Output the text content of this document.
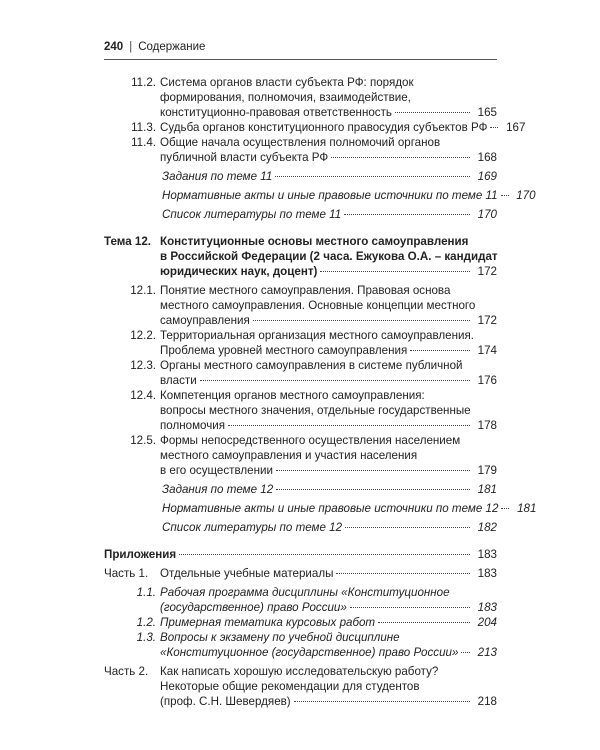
240 | Содержание
11.2. Система органов власти субъекта РФ: порядок
формирования, полномочия, взаимодействие,
конституционно-правовая ответственность	165
11.3. Судьба органов конституционного правосудия субъектов РФ	167
11.4. Общие начала осуществления полномочий органов
публичной власти субъекта РФ	168
Задания по теме 11	169
Нормативные акты и иные правовые источники по теме 11	170
Список литературы по теме 11	170
Тема 12. Конституционные основы местного самоуправления
в Российской Федерации (2 часа. Ежукова О.А. – кандидат
юридических наук, доцент)	172
12.1. Понятие местного самоуправления. Правовая основа
местного самоуправления. Основные концепции местного
самоуправления	172
12.2. Территориальная организация местного самоуправления.
Проблема уровней местного самоуправления	174
12.3. Органы местного самоуправления в системе публичной
власти	176
12.4. Компетенция органов местного самоуправления:
вопросы местного значения, отдельные государственные
полномочия	178
12.5. Формы непосредственного осуществления населением
местного самоуправления и участия населения
в его осуществлении	179
Задания по теме 12	181
Нормативные акты и иные правовые источники по теме 12	181
Список литературы по теме 12	182
Приложения	183
Часть 1. Отдельные учебные материалы	183
1.1. Рабочая программа дисциплины «Конституционное
(государственное) право России»	183
1.2. Примерная тематика курсовых работ	204
1.3. Вопросы к экзамену по учебной дисциплине
«Конституционное (государственное) право России»	213
Часть 2. Как написать хорошую исследовательскую работу?
Некоторые общие рекомендации для студентов
(проф. С.Н. Шевердяев)	218
